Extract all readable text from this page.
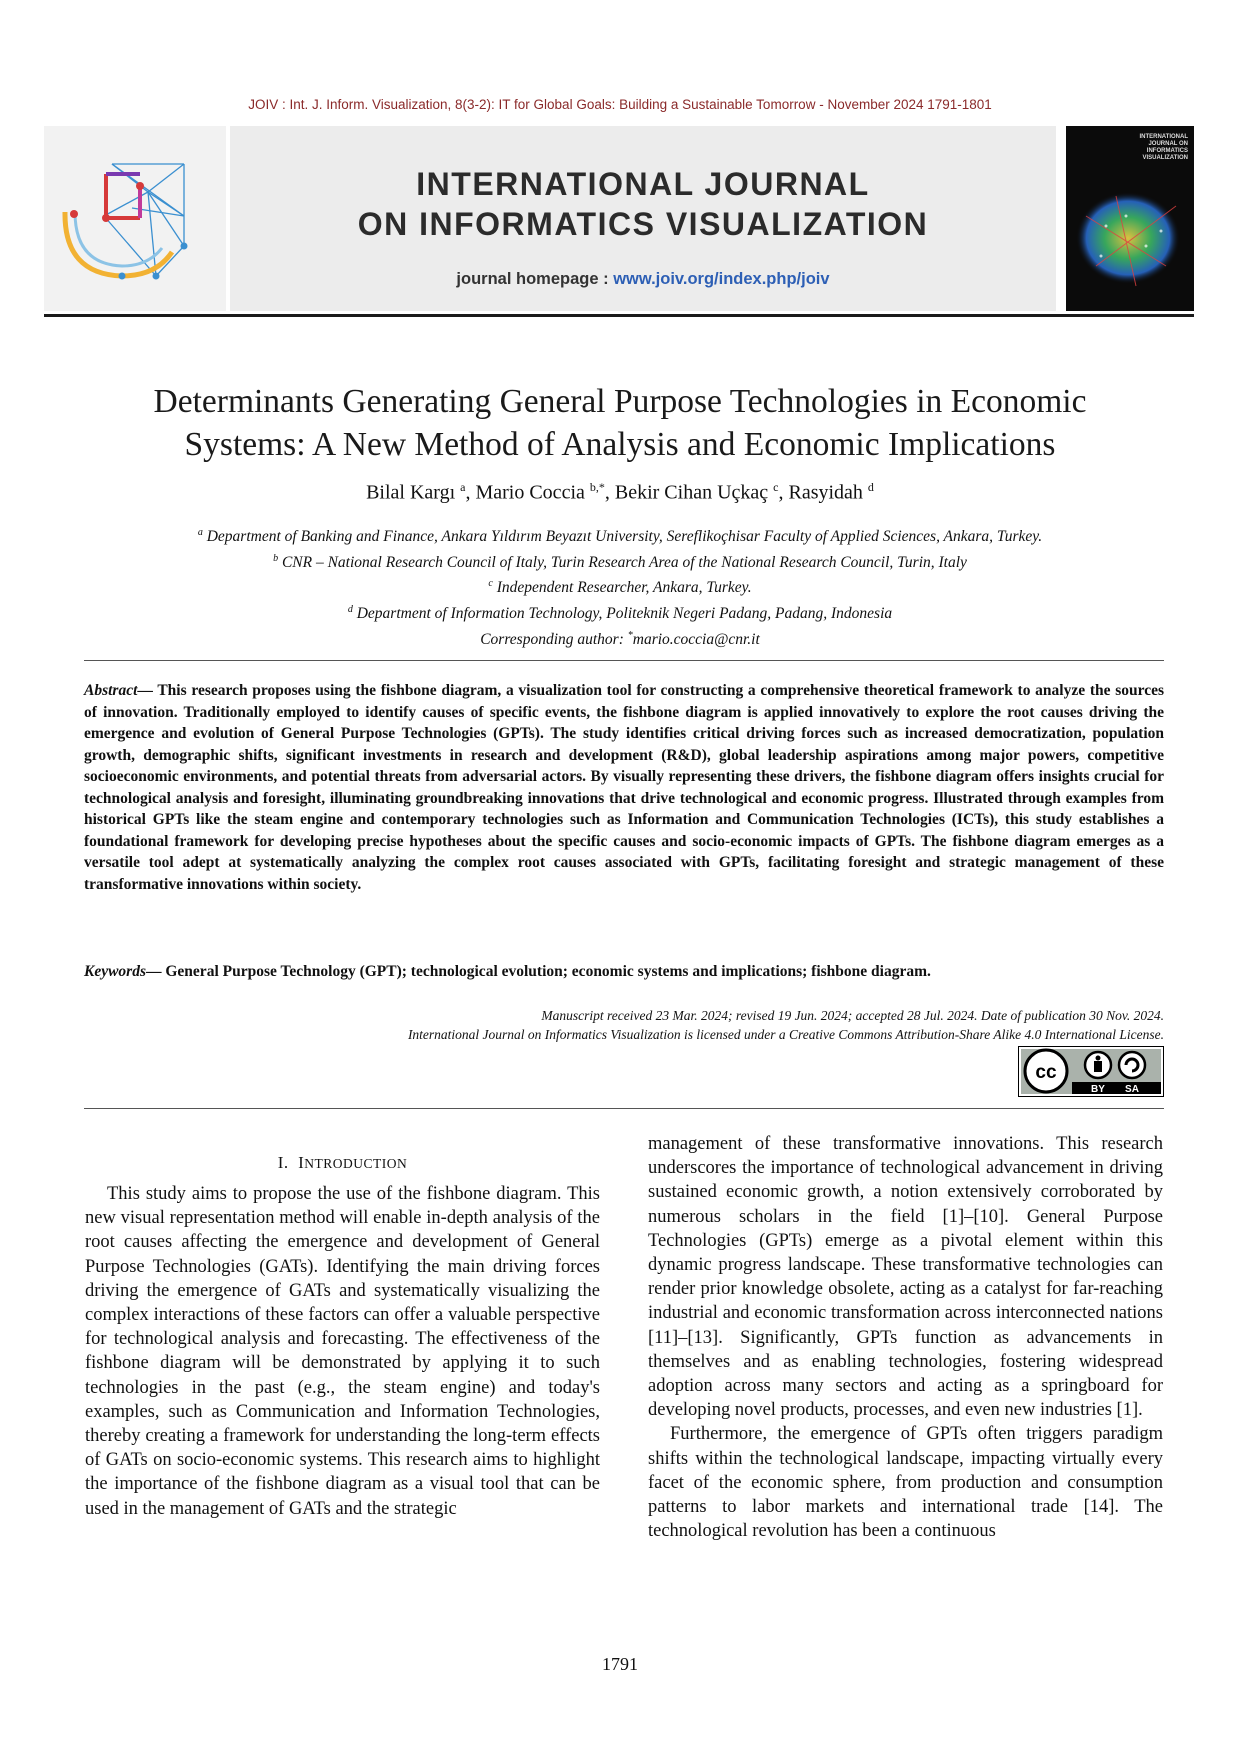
JOIV : Int. J. Inform. Visualization, 8(3-2): IT for Global Goals: Building a Sustainable Tomorrow - November 2024 1791-1801
INTERNATIONAL JOURNAL
ON INFORMATICS VISUALIZATION
journal homepage : www.joiv.org/index.php/joiv
INTERNATIONAL
JOURNAL ON
INFORMATICS
VISUALIZATION
Determinants Generating General Purpose Technologies in Economic
Systems: A New Method of Analysis and Economic Implications
Bilal Kargı $^a$, Mario Coccia $^{b,*}$, Bekir Cihan Uçkaç $^c$, Rasyidah $^d$
$^a$ Department of Banking and Finance, Ankara Yıldırım Beyazıt University, Sereflikoçhisar Faculty of Applied Sciences, Ankara, Turkey.
$^b$ CNR – National Research Council of Italy, Turin Research Area of the National Research Council, Turin, Italy
$^c$ Independent Researcher, Ankara, Turkey.
$^d$ Department of Information Technology, Politeknik Negeri Padang, Padang, Indonesia
Corresponding author: *mario.coccia@cnr.it
Abstract— This research proposes using the fishbone diagram, a visualization tool for constructing a comprehensive theoretical framework to analyze the sources of innovation. Traditionally employed to identify causes of specific events, the fishbone diagram is applied innovatively to explore the root causes driving the emergence and evolution of General Purpose Technologies (GPTs). The study identifies critical driving forces such as increased democratization, population growth, demographic shifts, significant investments in research and development (R&D), global leadership aspirations among major powers, competitive socioeconomic environments, and potential threats from adversarial actors. By visually representing these drivers, the fishbone diagram offers insights crucial for technological analysis and foresight, illuminating groundbreaking innovations that drive technological and economic progress. Illustrated through examples from historical GPTs like the steam engine and contemporary technologies such as Information and Communication Technologies (ICTs), this study establishes a foundational framework for developing precise hypotheses about the specific causes and socio-economic impacts of GPTs. The fishbone diagram emerges as a versatile tool adept at systematically analyzing the complex root causes associated with GPTs, facilitating foresight and strategic management of these transformative innovations within society.
Keywords— General Purpose Technology (GPT); technological evolution; economic systems and implications; fishbone diagram.
Manuscript received 23 Mar. 2024; revised 19 Jun. 2024; accepted 28 Jul. 2024. Date of publication 30 Nov. 2024.
International Journal on Informatics Visualization is licensed under a Creative Commons Attribution-Share Alike 4.0 International License.
cc
BY SA
I. INTRODUCTION

This study aims to propose the use of the fishbone diagram. This new visual representation method will enable in-depth analysis of the root causes affecting the emergence and development of General Purpose Technologies (GATs). Identifying the main driving forces driving the emergence of GATs and systematically visualizing the complex interactions of these factors can offer a valuable perspective for technological analysis and forecasting. The effectiveness of the fishbone diagram will be demonstrated by applying it to such technologies in the past (e.g., the steam engine) and today's examples, such as Communication and Information Technologies, thereby creating a framework for understanding the long-term effects of GATs on socio-economic systems. This research aims to highlight the importance of the fishbone diagram as a visual tool that can be used in the management of GATs and the strategic

management of these transformative innovations. This research underscores the importance of technological advancement in driving sustained economic growth, a notion extensively corroborated by numerous scholars in the field [1]–[10]. General Purpose Technologies (GPTs) emerge as a pivotal element within this dynamic progress landscape. These transformative technologies can render prior knowledge obsolete, acting as a catalyst for far-reaching industrial and economic transformation across interconnected nations [11]–[13]. Significantly, GPTs function as advancements in themselves and as enabling technologies, fostering widespread adoption across many sectors and acting as a springboard for developing novel products, processes, and even new industries [1].

Furthermore, the emergence of GPTs often triggers paradigm shifts within the technological landscape, impacting virtually every facet of the economic sphere, from production and consumption patterns to labor markets and international trade [14]. The technological revolution has been a continuous

1791
